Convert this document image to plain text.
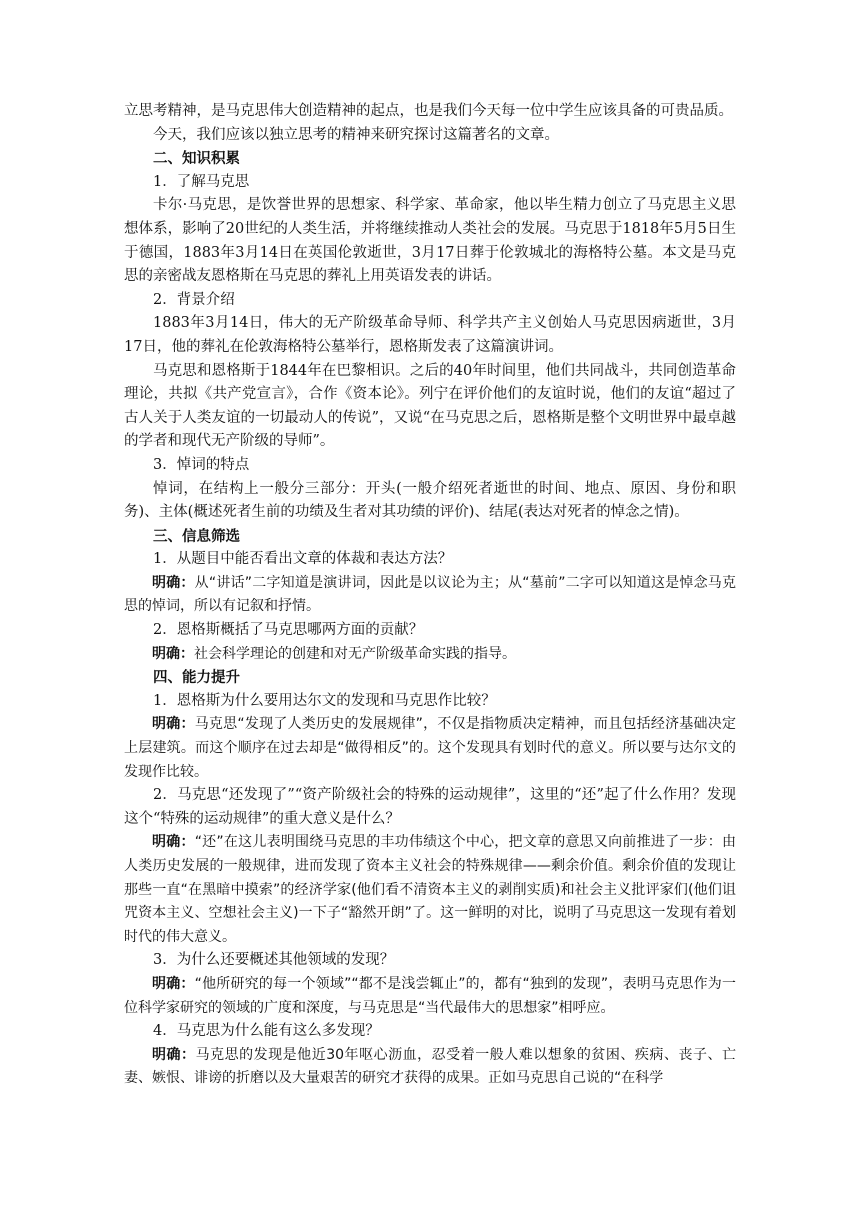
立思考精神，是马克思伟大创造精神的起点，也是我们今天每一位中学生应该具备的可贵品质。

今天，我们应该以独立思考的精神来研究探讨这篇著名的文章。

二、知识积累

1．了解马克思

卡尔·马克思，是饮誉世界的思想家、科学家、革命家，他以毕生精力创立了马克思主义思想体系，影响了20世纪的人类生活，并将继续推动人类社会的发展。马克思于1818年5月5日生于德国，1883年3月14日在英国伦敦逝世，3月17日葬于伦敦城北的海格特公墓。本文是马克思的亲密战友恩格斯在马克思的葬礼上用英语发表的讲话。

2．背景介绍

1883年3月14日，伟大的无产阶级革命导师、科学共产主义创始人马克思因病逝世，3月17日，他的葬礼在伦敦海格特公墓举行，恩格斯发表了这篇演讲词。

马克思和恩格斯于1844年在巴黎相识。之后的40年时间里，他们共同战斗，共同创造革命理论，共拟《共产党宣言》，合作《资本论》。列宁在评价他们的友谊时说，他们的友谊“超过了古人关于人类友谊的一切最动人的传说”，又说“在马克思之后，恩格斯是整个文明世界中最卓越的学者和现代无产阶级的导师”。

3．悼词的特点

悼词，在结构上一般分三部分：开头(一般介绍死者逝世的时间、地点、原因、身份和职务)、主体(概述死者生前的功绩及生者对其功绩的评价)、结尾(表达对死者的悼念之情)。

三、信息筛选

1．从题目中能否看出文章的体裁和表达方法？

明确：从“讲话”二字知道是演讲词，因此是以议论为主；从“墓前”二字可以知道这是悼念马克思的悼词，所以有记叙和抒情。

2．恩格斯概括了马克思哪两方面的贡献？

明确：社会科学理论的创建和对无产阶级革命实践的指导。

四、能力提升

1．恩格斯为什么要用达尔文的发现和马克思作比较？

明确：马克思“发现了人类历史的发展规律”，不仅是指物质决定精神，而且包括经济基础决定上层建筑。而这个顺序在过去却是“做得相反”的。这个发现具有划时代的意义。所以要与达尔文的发现作比较。

2．马克思“还发现了”“资产阶级社会的特殊的运动规律”，这里的“还”起了什么作用？发现这个“特殊的运动规律”的重大意义是什么？

明确：“还”在这儿表明围绕马克思的丰功伟绩这个中心，把文章的意思又向前推进了一步：由人类历史发展的一般规律，进而发现了资本主义社会的特殊规律——剩余价值。剩余价值的发现让那些一直“在黑暗中摸索”的经济学家(他们看不清资本主义的剥削实质)和社会主义批评家们(他们诅咒资本主义、空想社会主义)一下子“豁然开朗”了。这一鲜明的对比，说明了马克思这一发现有着划时代的伟大意义。

3．为什么还要概述其他领域的发现？

明确：“他所研究的每一个领域”“都不是浅尝辄止”的，都有“独到的发现”，表明马克思作为一位科学家研究的领域的广度和深度，与马克思是“当代最伟大的思想家”相呼应。

4．马克思为什么能有这么多发现？

明确：马克思的发现是他近30年呕心沥血，忍受着一般人难以想象的贫困、疾病、丧子、亡妻、嫉恨、诽谤的折磨以及大量艰苦的研究才获得的成果。正如马克思自己说的“在科学
